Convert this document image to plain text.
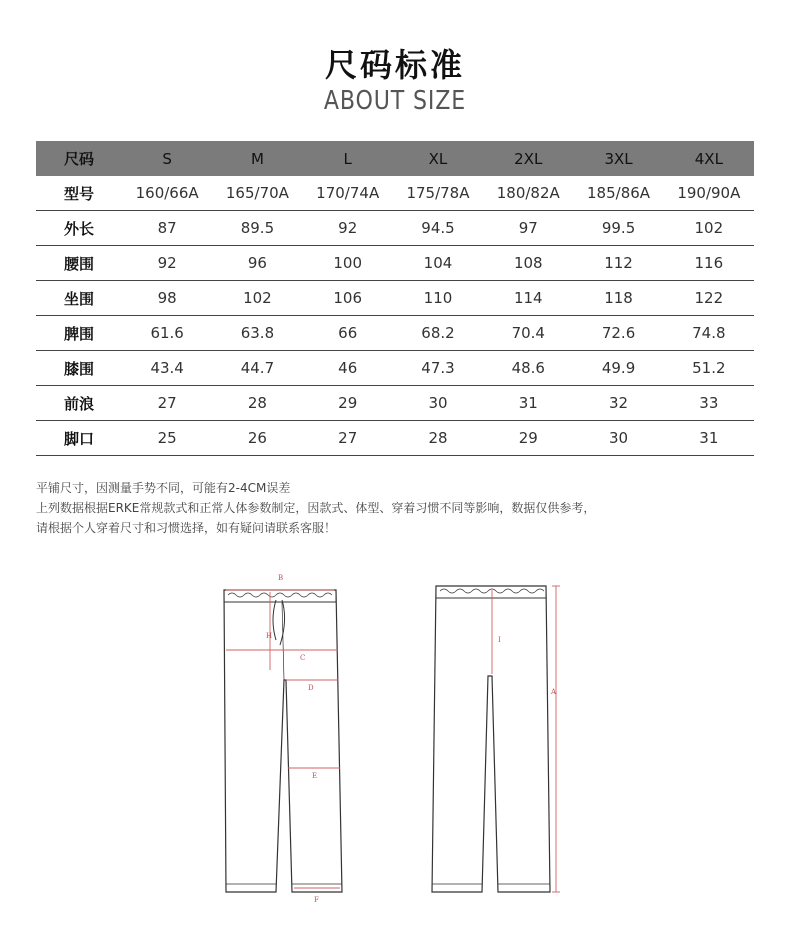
尺码标准
ABOUT SIZE
尺码	S	M	L	XL	2XL	3XL	4XL
型号	160/66A	165/70A	170/74A	175/78A	180/82A	185/86A	190/90A
外长	87	89.5	92	94.5	97	99.5	102
腰围	92	96	100	104	108	112	116
坐围	98	102	106	110	114	118	122
脾围	61.6	63.8	66	68.2	70.4	72.6	74.8
膝围	43.4	44.7	46	47.3	48.6	49.9	51.2
前浪	27	28	29	30	31	32	33
脚口	25	26	27	28	29	30	31

平铺尺寸，因测量手势不同，可能有2-4CM误差

上列数据根据ERKE常规款式和正常人体参数制定，因款式、体型、穿着习惯不同等影响，数据仅供参考，

请根据个人穿着尺寸和习惯选择，如有疑问请联系客服！

B
H
C
D
E
F
I
A
